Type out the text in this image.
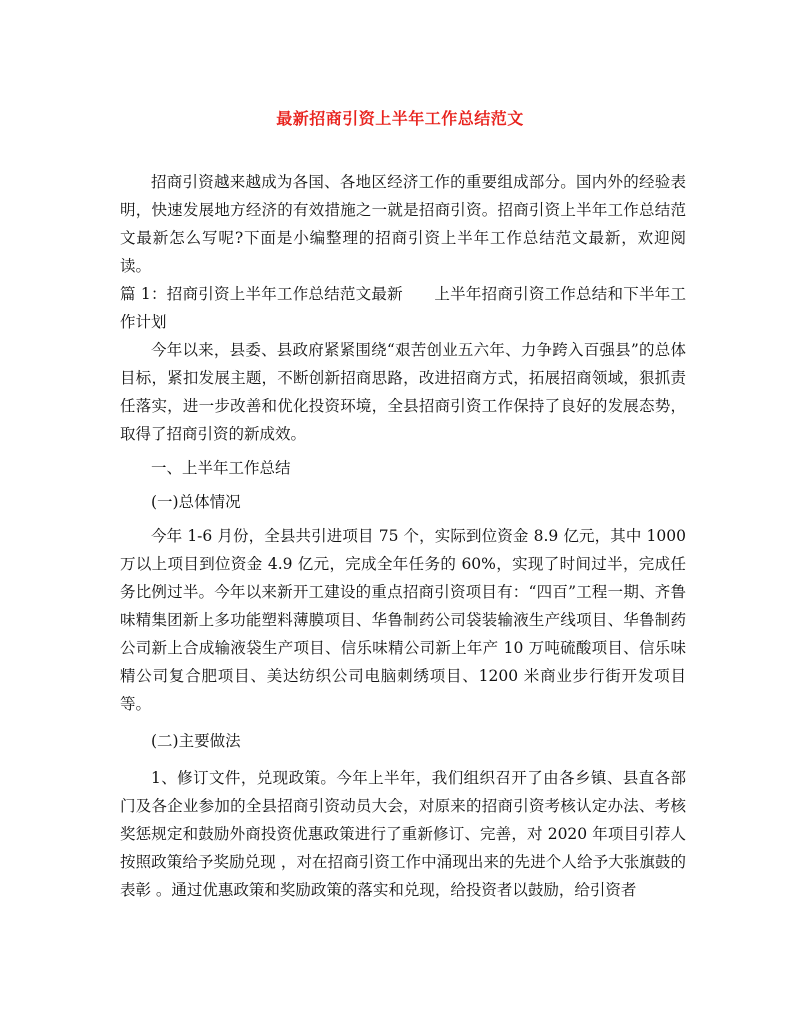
最新招商引资上半年工作总结范文

招商引资越来越成为各国、各地区经济工作的重要组成部分。国内外的经验表明，快速发展地方经济的有效措施之一就是招商引资。招商引资上半年工作总结范文最新怎么写呢?下面是小编整理的招商引资上半年工作总结范文最新，欢迎阅读。

篇 1：招商引资上半年工作总结范文最新　　上半年招商引资工作总结和下半年工作计划

今年以来，县委、县政府紧紧围绕“艰苦创业五六年、力争跨入百强县”的总体目标，紧扣发展主题，不断创新招商思路，改进招商方式，拓展招商领域，狠抓责任落实，进一步改善和优化投资环境，全县招商引资工作保持了良好的发展态势，取得了招商引资的新成效。

一、上半年工作总结

(一)总体情况

今年 1-6 月份，全县共引进项目 75 个，实际到位资金 8.9 亿元，其中 1000 万以上项目到位资金 4.9 亿元，完成全年任务的 60%，实现了时间过半，完成任务比例过半。今年以来新开工建设的重点招商引资项目有：“四百”工程一期、齐鲁味精集团新上多功能塑料薄膜项目、华鲁制药公司袋装输液生产线项目、华鲁制药公司新上合成输液袋生产项目、信乐味精公司新上年产 10 万吨硫酸项目、信乐味精公司复合肥项目、美达纺织公司电脑刺绣项目、1200 米商业步行街开发项目等。

(二)主要做法

1、修订文件，兑现政策。今年上半年，我们组织召开了由各乡镇、县直各部门及各企业参加的全县招商引资动员大会，对原来的招商引资考核认定办法、考核奖惩规定和鼓励外商投资优惠政策进行了重新修订、完善，对 2020 年项目引荐人按照政策给予奖励兑现 ，对在招商引资工作中涌现出来的先进个人给予大张旗鼓的表彰 。通过优惠政策和奖励政策的落实和兑现，给投资者以鼓励，给引资者
